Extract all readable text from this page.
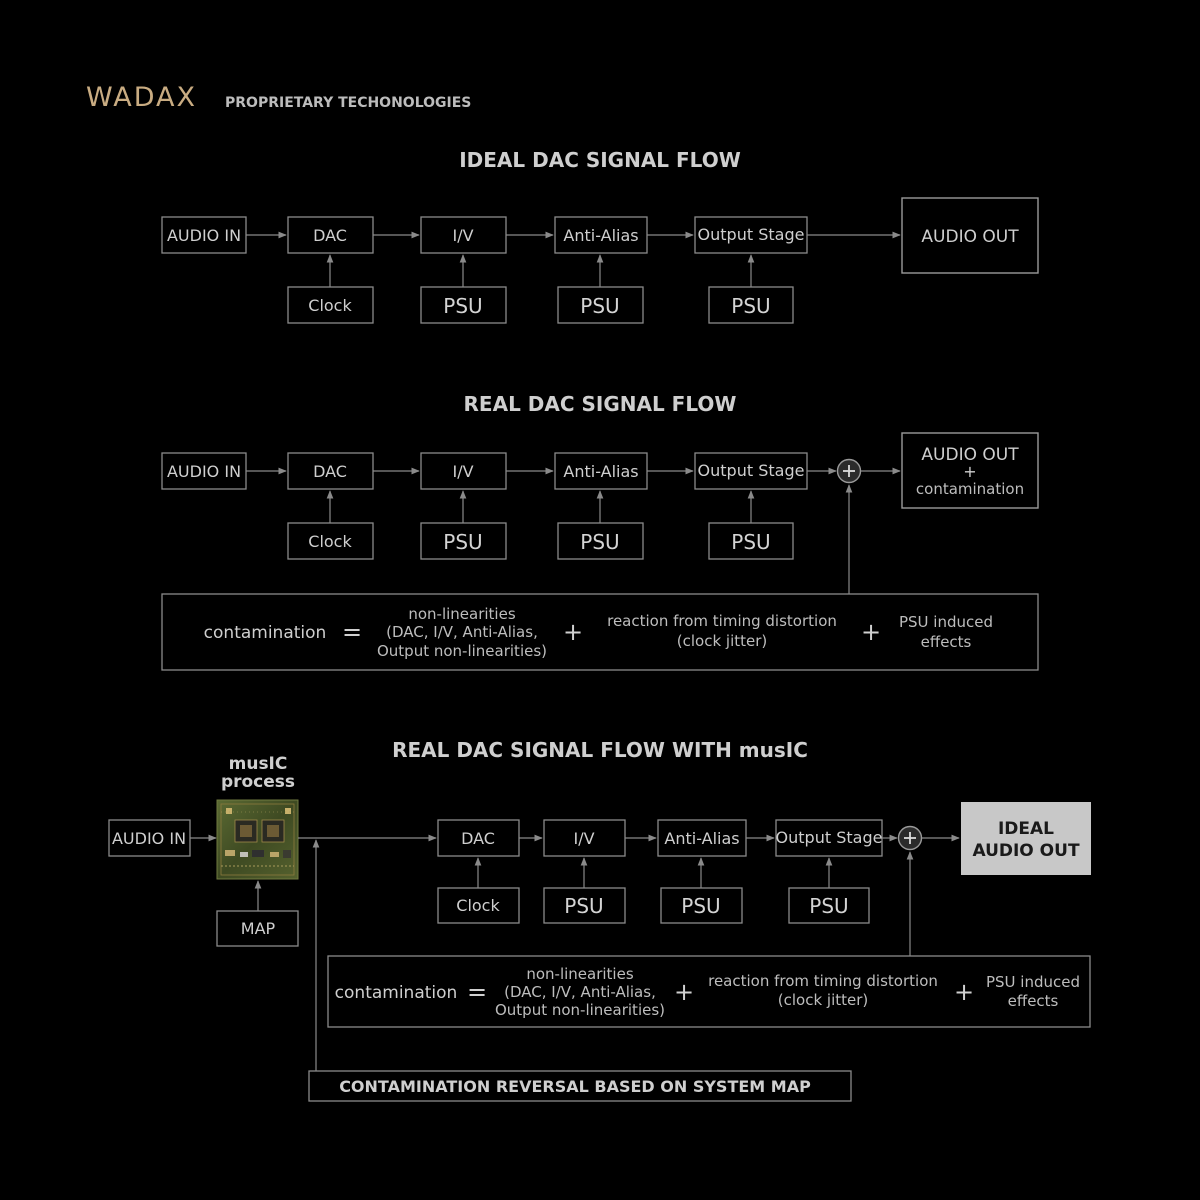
WADAX PROPRIETARY TECHONOLOGIES
IDEAL DAC SIGNAL FLOW
AUDIO IN	DAC	I/V	Anti-Alias	Output Stage	AUDIO OUT
Clock	PSU	PSU	PSU
REAL DAC SIGNAL FLOW
AUDIO IN	DAC	I/V	Anti-Alias	Output Stage
AUDIO OUT
+
contamination
Clock	PSU	PSU	PSU
contamination =
non-linearities
(DAC, I/V, Anti-Alias,
Output non-linearities)
+ reaction from timing distortion
(clock jitter)	+ PSU induced
effects
REAL DAC SIGNAL FLOW WITH musIC
musIC
process
AUDIO IN
MAP
DAC	I/V	Anti-Alias Output Stage	IDEAL
AUDIO OUT
Clock	PSU	PSU	PSU
contamination =
non-linearities
(DAC, I/V, Anti-Alias,
Output non-linearities)
+ reaction from timing distortion
(clock jitter)	+ PSU induced
effects
CONTAMINATION REVERSAL BASED ON SYSTEM MAP
